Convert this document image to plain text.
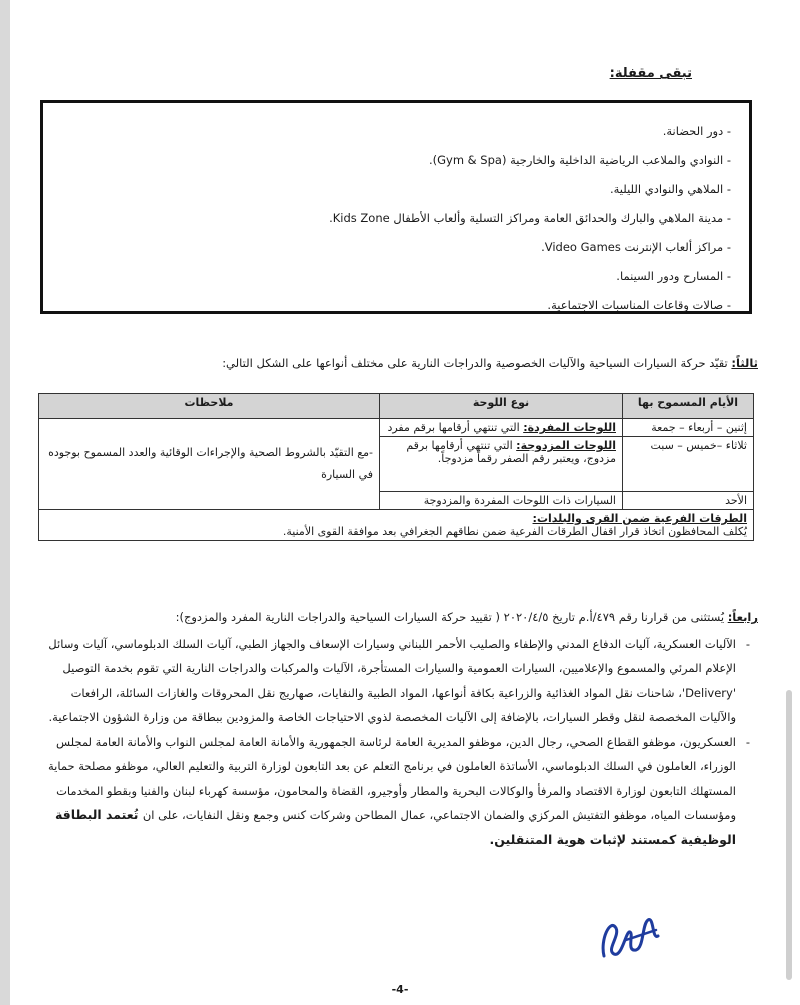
تبقى مقفلة:
- دور الحضانة.
- النوادي والملاعب الرياضية الداخلية والخارجية (Gym & Spa).
- الملاهي والنوادي الليلية.
- مدينة الملاهي والبارك والحدائق العامة ومراكز التسلية وألعاب الأطفال Kids Zone.
- مراكز ألعاب الإنترنت Video Games.
- المسارح ودور السينما.
- صالات وقاعات المناسبات الاجتماعية.
ثالثاً: تقيّد حركة السيارات السياحية والآليات الخصوصية والدراجات النارية على مختلف أنواعها على الشكل التالي:
الأيام المسموح بها	نوع اللوحة	ملاحظات
إثنين – أربعاء – جمعة	اللوحات المفردة: التي تنتهي أرقامها برقم مفرد	-مع التقيّد بالشروط الصحية والإجراءات الوقائية والعدد المسموح بوجوده في السيارة
ثلاثاء –خميس – سبت	اللوحات المزدوجة: التي تنتهي أرقامها برقم مزدوج، ويعتبر رقم الصفر رقماً مزدوجاً.	
الأحد	السيارات ذات اللوحات المفردة والمزدوجة	

الطرقات الفرعية ضمن القرى والبلدات:
يُكلف المحافظون اتخاذ قرار اقفال الطرقات الفرعية ضمن نطاقهم الجغرافي بعد موافقة القوى الأمنية.		
رابعاً: يُستثنى من قرارنا رقم ٤٧٩/أ.م تاريخ ٢٠٢٠/٤/٥ ( تقييد حركة السيارات السياحية والدراجات النارية المفرد والمزدوج):
- الآليات العسكرية، آليات الدفاع المدني والإطفاء والصليب الأحمر اللبناني وسيارات الإسعاف والجهاز الطبي، آليات السلك الدبلوماسي، آليات وسائل الإعلام المرئي والمسموع والإعلاميين، السيارات العمومية والسيارات المستأجرة، الآليات والمركبات والدراجات النارية التي تقوم بخدمة التوصيل 'Delivery'، شاحنات نقل المواد الغذائية والزراعية بكافة أنواعها، المواد الطبية والنفايات، صهاريج نقل المحروقات والغازات السائلة، الرافعات والآليات المخصصة لنقل وقطر السيارات، بالإضافة إلى الآليات المخصصة لذوي الاحتياجات الخاصة والمزودين ببطاقة من وزارة الشؤون الاجتماعية.
- العسكريون، موظفو القطاع الصحي، رجال الدين، موظفو المديرية العامة لرئاسة الجمهورية والأمانة العامة لمجلس النواب والأمانة العامة لمجلس الوزراء، العاملون في السلك الدبلوماسي، الأساتذة العاملون في برنامج التعلم عن بعد التابعون لوزارة التربية والتعليم العالي، موظفو مصلحة حماية المستهلك التابعون لوزارة الاقتصاد والمرفأ والوكالات البحرية والمطار وأوجيرو، القضاة والمحامون، مؤسسة كهرباء لبنان والفنيا وبقطو المخدمات ومؤسسات المياه، موظفو التفتيش المركزي والضمان الاجتماعي، عمال المطاحن وشركات كنس وجمع ونقل النفايات، على ان تُعتمد البطاقة الوظيفية كمستند لإثبات هوية المتنقلين.
-4-
